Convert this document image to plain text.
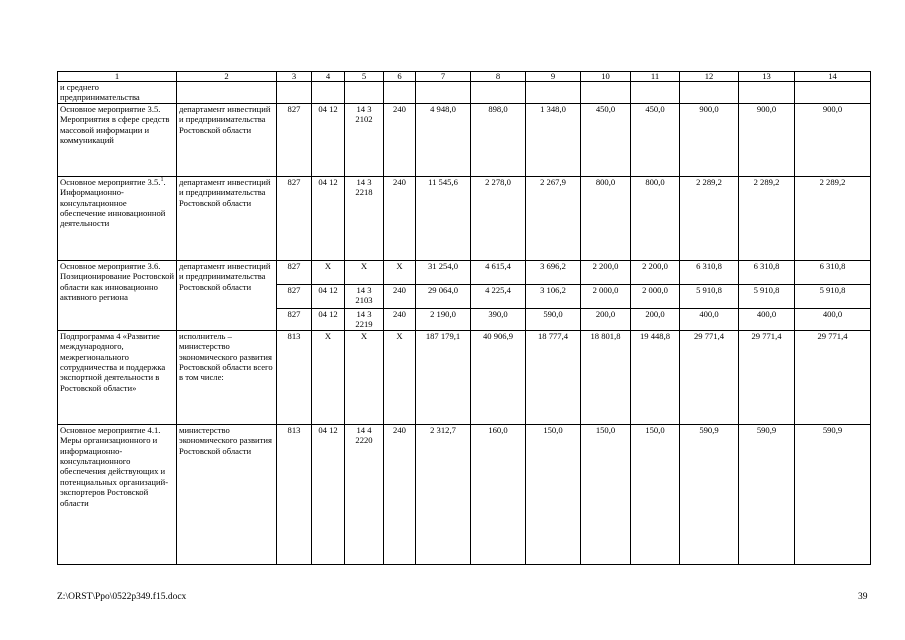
1	2	3	4	5	6	7	8	9	10	11	12	13	14
и среднего предпринимательства													
Основное мероприятие 3.5. Мероприятия в сфере средств массовой информации и коммуникаций	департамент инвестиций и предпринимательства Ростовской области	827	04 12	14 3 2102	240	4 948,0	898,0	1 348,0	450,0	450,0	900,0	900,0	900,0
Основное мероприятие 3.5.$^1$. Информационно-консультационное обеспечение инновационной деятельности	департамент инвестиций и предпринимательства Ростовской области	827	04 12	14 3 2218	240	11 545,6	2 278,0	2 267,9	800,0	800,0	2 289,2	2 289,2	2 289,2
Основное мероприятие 3.6. Позиционирование Ростовской области как инновационно активного региона	департамент инвестиций и предпринимательства Ростовской области	827	X	X	X	31 254,0	4 615,4	3 696,2	2 200,0	2 200,0	6 310,8	6 310,8	6 310,8
		827	04 12	14 3 2103	240	29 064,0	4 225,4	3 106,2	2 000,0	2 000,0	5 910,8	5 910,8	5 910,8
		827	04 12	14 3 2219	240	2 190,0	390,0	590,0	200,0	200,0	400,0	400,0	400,0
Подпрограмма 4 «Развитие международного, межрегионального сотрудничества и поддержка экспортной деятельности в Ростовской области»	исполнитель – министерство экономического развития Ростовской области всего в том числе:	813	X	X	X	187 179,1	40 906,9	18 777,4	18 801,8	19 448,8	29 771,4	29 771,4	29 771,4
Основное мероприятие 4.1. Меры организационного и информационно-консультационного обеспечения действующих и потенциальных организаций-экспортеров Ростовской области	министерство экономического развития Ростовской области	813	04 12	14 4 2220	240	2 312,7	160,0	150,0	150,0	150,0	590,9	590,9	590,9
Z:\ORST\Ppo\0522p349.f15.docx	39
